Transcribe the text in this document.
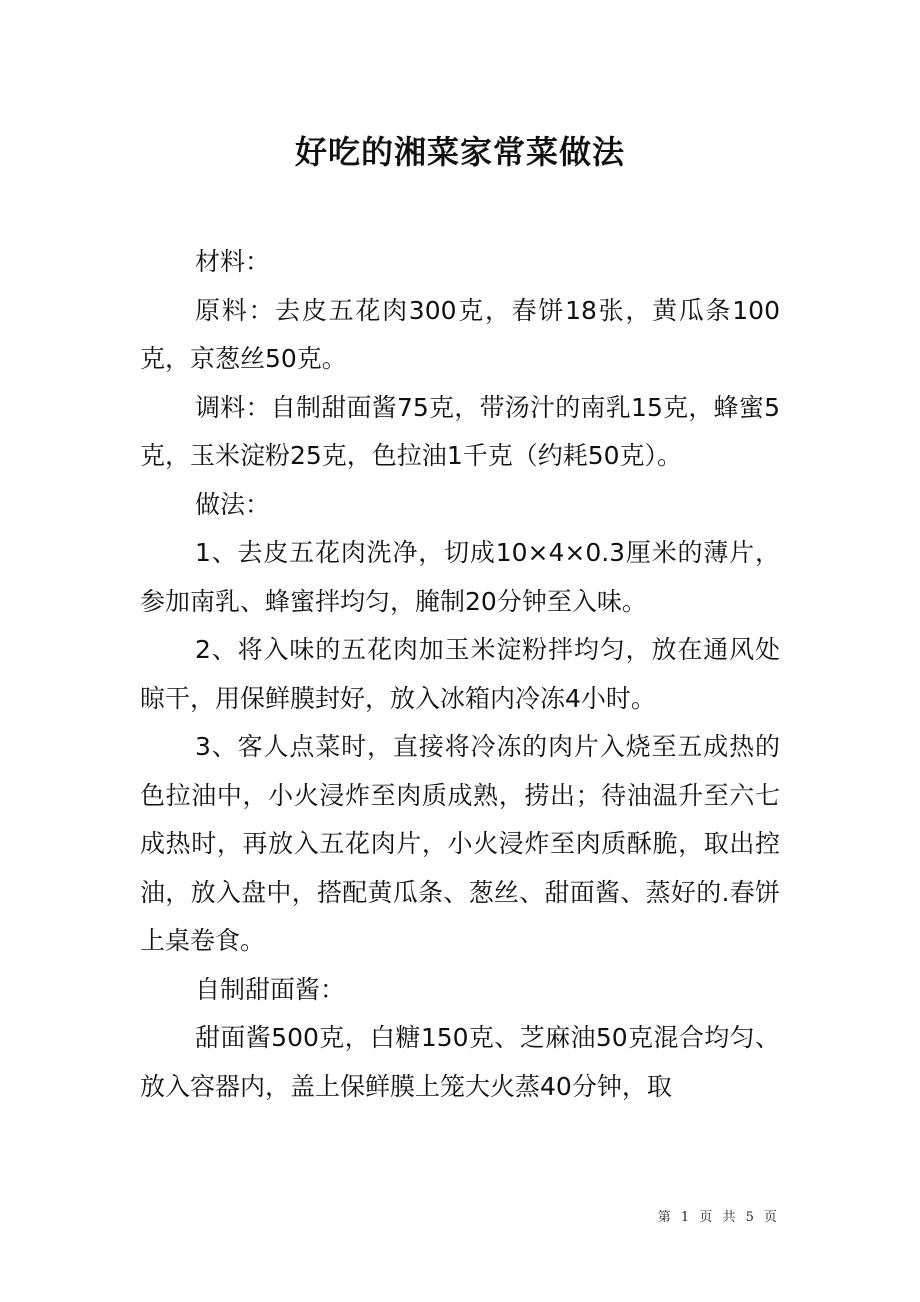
好吃的湘菜家常菜做法

材料：

原料：去皮五花肉300克，春饼18张，黄瓜条100克，京葱丝50克。

调料：自制甜面酱75克，带汤汁的南乳15克，蜂蜜5克，玉米淀粉25克，色拉油1千克（约耗50克）。

做法：

1、去皮五花肉洗净，切成10×4×0.3厘米的薄片，参加南乳、蜂蜜拌均匀，腌制20分钟至入味。

2、将入味的五花肉加玉米淀粉拌均匀，放在通风处晾干，用保鲜膜封好，放入冰箱内冷冻4小时。

3、客人点菜时，直接将冷冻的肉片入烧至五成热的色拉油中，小火浸炸至肉质成熟，捞出；待油温升至六七成热时，再放入五花肉片，小火浸炸至肉质酥脆，取出控油，放入盘中，搭配黄瓜条、葱丝、甜面酱、蒸好的.春饼上桌卷食。

自制甜面酱：

甜面酱500克，白糖150克、芝麻油50克混合均匀、放入容器内，盖上保鲜膜上笼大火蒸40分钟，取

第 1 页 共 5 页
